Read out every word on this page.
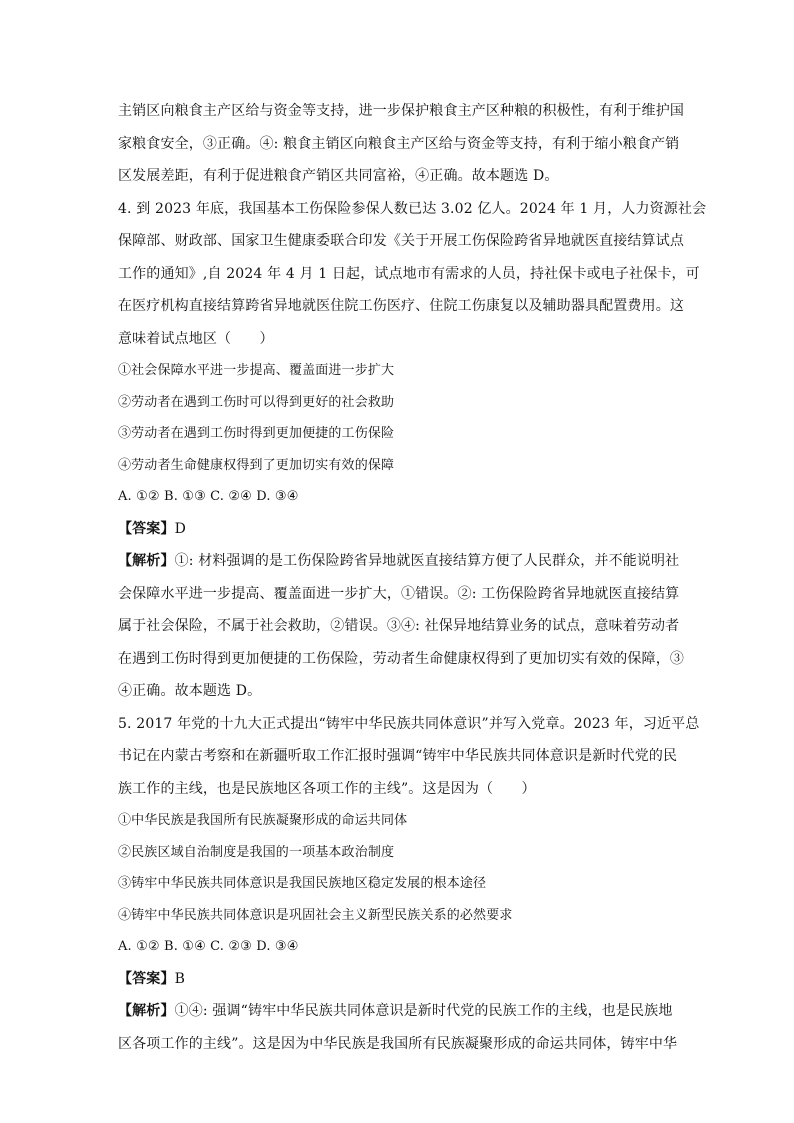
主销区向粮食主产区给与资金等支持，进一步保护粮食主产区种粮的积极性，有利于维护国
家粮食安全，③正确。④: 粮食主销区向粮食主产区给与资金等支持，有利于缩小粮食产销
区发展差距，有利于促进粮食产销区共同富裕，④正确。故本题选 D。
4. 到 2023 年底，我国基本工伤保险参保人数已达 3.02 亿人。2024 年 1 月，人力资源社会
保障部、财政部、国家卫生健康委联合印发《关于开展工伤保险跨省异地就医直接结算试点
工作的通知》,自 2024 年 4 月 1 日起，试点地市有需求的人员，持社保卡或电子社保卡，可
在医疗机构直接结算跨省异地就医住院工伤医疗、住院工伤康复以及辅助器具配置费用。这
意味着试点地区（　　）
①社会保障水平进一步提高、覆盖面进一步扩大
②劳动者在遇到工伤时可以得到更好的社会救助
③劳动者在遇到工伤时得到更加便捷的工伤保险
④劳动者生命健康权得到了更加切实有效的保障
A. ①② B. ①③ C. ②④ D. ③④
【答案】D
【解析】①: 材料强调的是工伤保险跨省异地就医直接结算方便了人民群众，并不能说明社
会保障水平进一步提高、覆盖面进一步扩大，①错误。②: 工伤保险跨省异地就医直接结算
属于社会保险，不属于社会救助，②错误。③④: 社保异地结算业务的试点，意味着劳动者
在遇到工伤时得到更加便捷的工伤保险，劳动者生命健康权得到了更加切实有效的保障，③
④正确。故本题选 D。
5. 2017 年党的十九大正式提出“铸牢中华民族共同体意识”并写入党章。2023 年，习近平总
书记在内蒙古考察和在新疆听取工作汇报时强调“铸牢中华民族共同体意识是新时代党的民
族工作的主线，也是民族地区各项工作的主线”。这是因为（　　）
①中华民族是我国所有民族凝聚形成的命运共同体
②民族区域自治制度是我国的一项基本政治制度
③铸牢中华民族共同体意识是我国民族地区稳定发展的根本途径
④铸牢中华民族共同体意识是巩固社会主义新型民族关系的必然要求
A. ①② B. ①④ C. ②③ D. ③④
【答案】B
【解析】①④: 强调“铸牢中华民族共同体意识是新时代党的民族工作的主线，也是民族地
区各项工作的主线”。这是因为中华民族是我国所有民族凝聚形成的命运共同体，铸牢中华
